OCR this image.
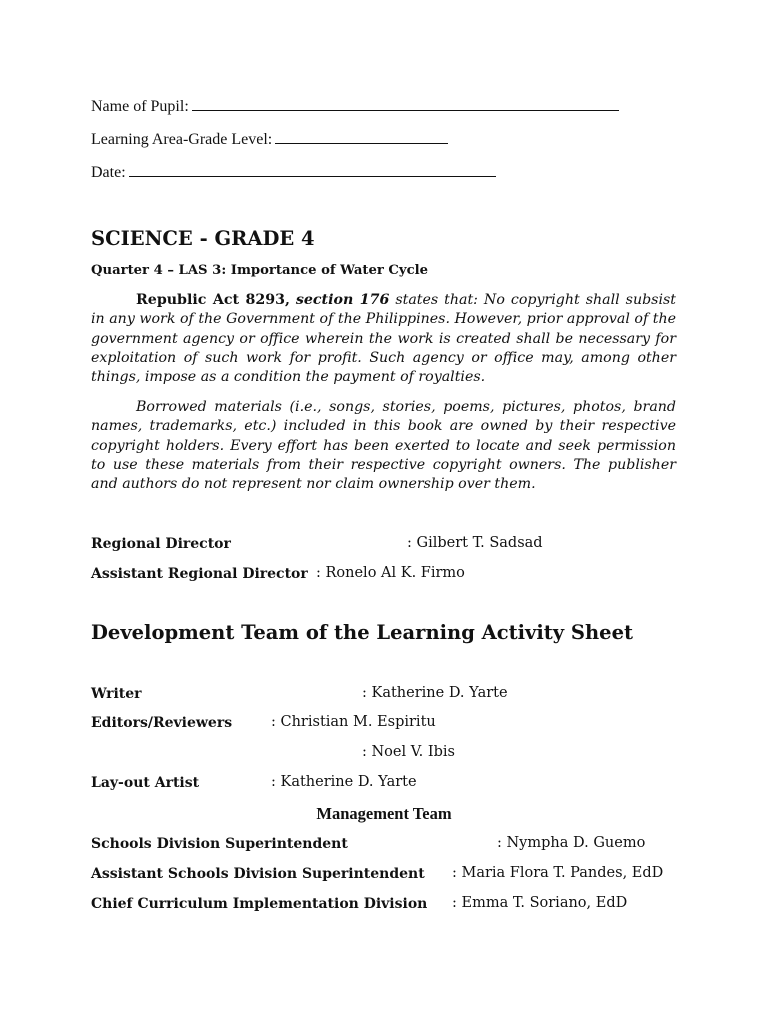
Name of Pupil:
Learning Area-Grade Level:
Date:
SCIENCE - GRADE 4
Quarter 4 – LAS 3: Importance of Water Cycle

Republic Act 8293, section 176 states that: No copyright shall subsist in any work of the Government of the Philippines. However, prior approval of the government agency or office wherein the work is created shall be necessary for exploitation of such work for profit. Such agency or office may, among other things, impose as a condition the payment of royalties.

Borrowed materials (i.e., songs, stories, poems, pictures, photos, brand names, trademarks, etc.) included in this book are owned by their respective copyright holders. Every effort has been exerted to locate and seek permission to use these materials from their respective copyright owners. The publisher and authors do not represent nor claim ownership over them.

Regional Director	: Gilbert T. Sadsad
Assistant Regional Director : Ronelo Al K. Firmo
Development Team of the Learning Activity Sheet
Writer	: Katherine D. Yarte
Editors/Reviewers	: Christian M. Espiritu
: Noel V. Ibis
Lay-out Artist	: Katherine D. Yarte
Management Team
Schools Division Superintendent	: Nympha D. Guemo
Assistant Schools Division Superintendent : Maria Flora T. Pandes, EdD
Chief Curriculum Implementation Division : Emma T. Soriano, EdD
